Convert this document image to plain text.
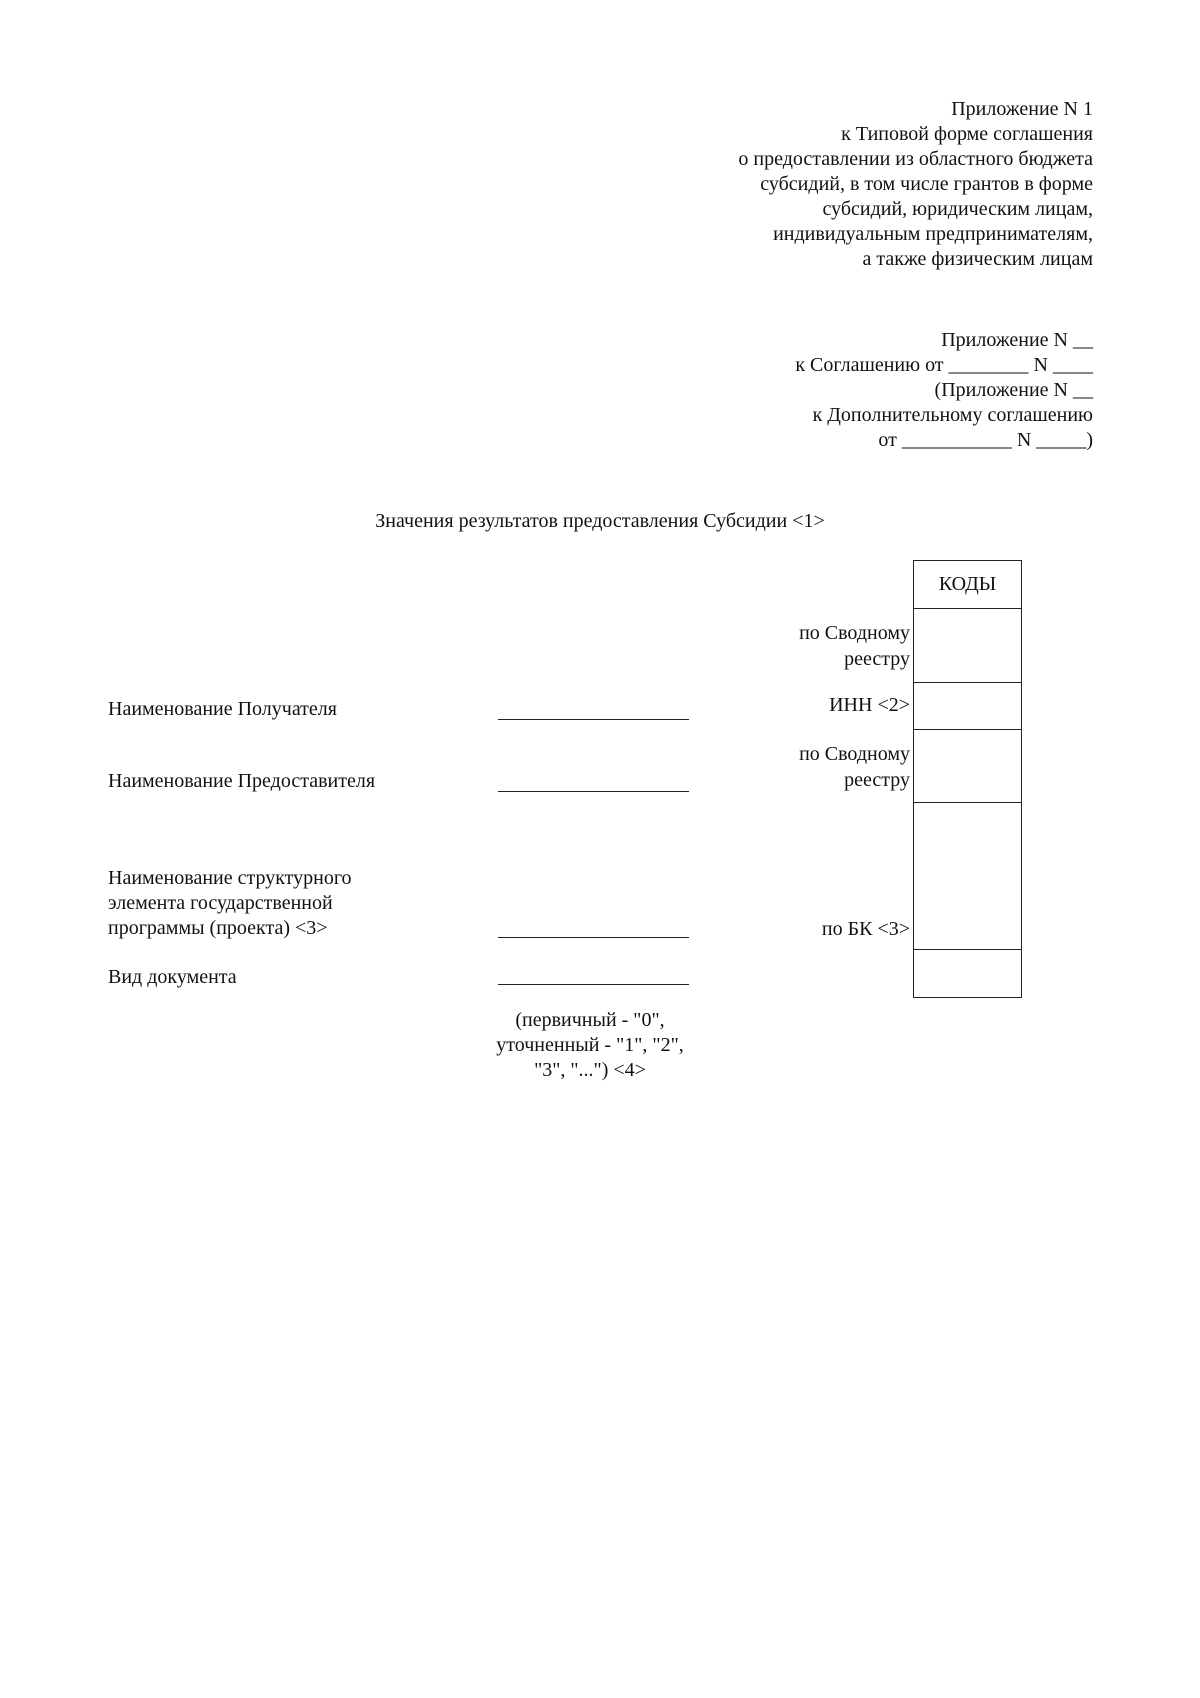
Приложение N 1
к Типовой форме соглашения
о предоставлении из областного бюджета
субсидий, в том числе грантов в форме
субсидий, юридическим лицам,
индивидуальным предпринимателям,
а также физическим лицам
Приложение N __
к Соглашению от ________ N ____
(Приложение N __
к Дополнительному соглашению
от ___________ N _____)
Значения результатов предоставления Субсидии <1>
Наименование Получателя
Наименование Предоставителя
Наименование структурного
элемента государственной
программы (проекта) <3>
Вид документа
(первичный - "0",
уточненный - "1", "2",
"3", "...") <4>
по Сводному
реестру
ИНН <2>
по Сводному
реестру
по БК <3>
КОДЫ
